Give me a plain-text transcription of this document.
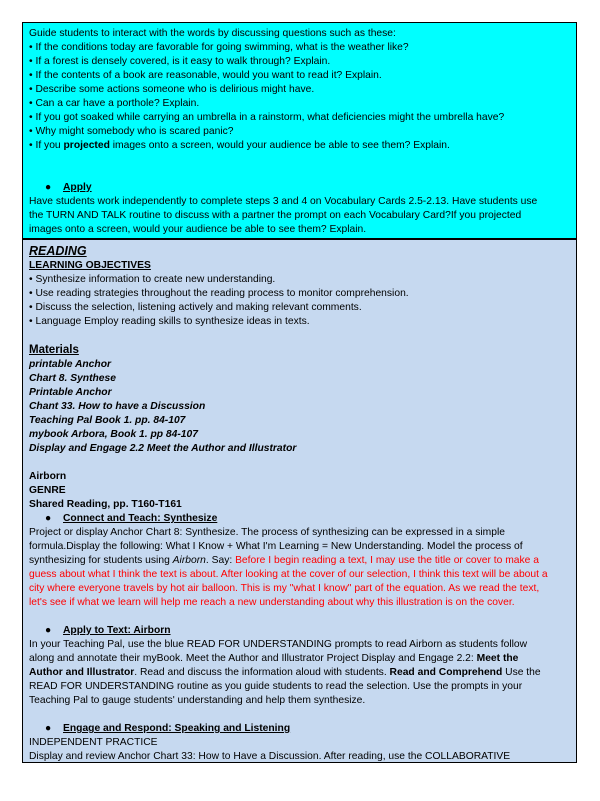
Guide students to interact with the words by discussing questions such as these:

• If the conditions today are favorable for going swimming, what is the weather like?

• If a forest is densely covered, is it easy to walk through? Explain.

• If the contents of a book are reasonable, would you want to read it? Explain.

• Describe some actions someone who is delirious might have.

• Can a car have a porthole? Explain.

• If you got soaked while carrying an umbrella in a rainstorm, what deficiencies might the umbrella have?

• Why might somebody who is scared panic?

• If you projected images onto a screen, would your audience be able to see them? Explain.

● Apply

Have students work independently to complete steps 3 and 4 on Vocabulary Cards 2.5-2.13. Have students use

the TURN AND TALK routine to discuss with a partner the prompt on each Vocabulary Card?If you projected

images onto a screen, would your audience be able to see them? Explain.

READING

LEARNING OBJECTIVES

• Synthesize information to create new understanding.

• Use reading strategies throughout the reading process to monitor comprehension.

• Discuss the selection, listening actively and making relevant comments.

• Language Employ reading skills to synthesize ideas in texts.

Materials

printable Anchor

Chart 8. Synthese

Printable Anchor

Chant 33. How to have a Discussion

Teaching Pal Book 1. pp. 84-107

mybook Arbora, Book 1. pp 84-107

Display and Engage 2.2 Meet the Author and Illustrator

Airborn

GENRE

Shared Reading, pp. T160-T161

● Connect and Teach: Synthesize

Project or display Anchor Chart 8: Synthesize. The process of synthesizing can be expressed in a simple

formula.Display the following: What I Know + What I'm Learning = New Understanding. Model the process of

synthesizing for students using Airborn. Say: Before I begin reading a text, I may use the title or cover to make a

guess about what I think the text is about. After looking at the cover of our selection, I think this text will be about a

city where everyone travels by hot air balloon. This is my "what I know" part of the equation. As we read the text,

let's see if what we learn will help me reach a new understanding about why this illustration is on the cover.

● Apply to Text: Airborn

In your Teaching Pal, use the blue READ FOR UNDERSTANDING prompts to read Airborn as students follow

along and annotate their myBook. Meet the Author and Illustrator Project Display and Engage 2.2: Meet the

Author and Illustrator. Read and discuss the information aloud with students. Read and Comprehend Use the

READ FOR UNDERSTANDING routine as you guide students to read the selection. Use the prompts in your

Teaching Pal to gauge students' understanding and help them synthesize.

● Engage and Respond: Speaking and Listening

INDEPENDENT PRACTICE

Display and review Anchor Chart 33: How to Have a Discussion. After reading, use the COLLABORATIVE
